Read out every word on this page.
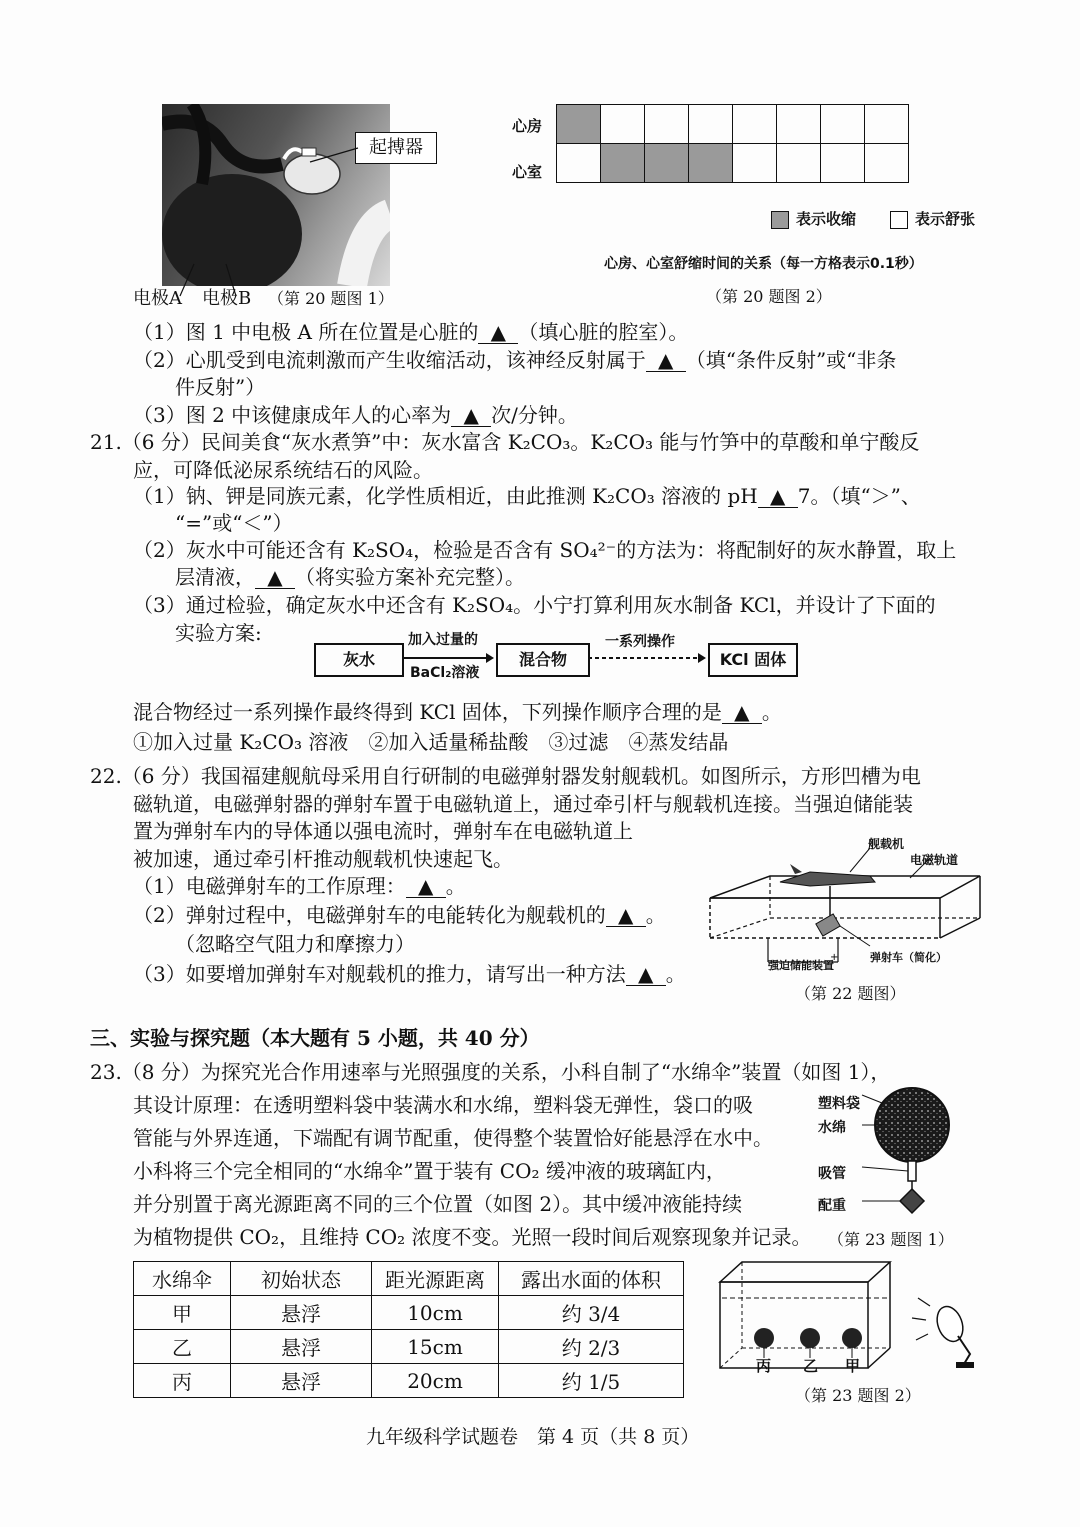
起搏器
电极A 电极B （第 20 题图 1）
心房
心室

表示收缩	表示舒张
心房、心室舒缩时间的关系（每一方格表示0.1秒）
（第 20 题图 2）
（1）图 1 中电极 A 所在位置是心脏的 ▲ （填心脏的腔室）。
（2）心肌受到电流刺激而产生收缩活动，该神经反射属于 ▲ （填“条件反射”或“非条
件反射”）
（3）图 2 中该健康成年人的心率为 ▲ 次/分钟。
21.（6 分）民间美食“灰水煮笋”中：灰水富含 K₂CO₃。K₂CO₃ 能与竹笋中的草酸和单宁酸反
应，可降低泌尿系统结石的风险。
（1）钠、钾是同族元素，化学性质相近，由此推测 K₂CO₃ 溶液的 pH ▲ 7。（填“＞”、
“=”或“＜”）
（2）灰水中可能还含有 K₂SO₄，检验是否含有 SO₄²⁻的方法为：将配制好的灰水静置，取上
层清液， ▲ （将实验方案补充完整）。
（3）通过检验，确定灰水中还含有 K₂SO₄。小宁打算利用灰水制备 KCl，并设计了下面的
实验方案:
灰水
加入过量的
BaCl₂溶液
混合物
一系列操作
KCl 固体
混合物经过一系列操作最终得到 KCl 固体，下列操作顺序合理的是 ▲ 。
①加入过量 K₂CO₃ 溶液　②加入适量稀盐酸　③过滤　④蒸发结晶
22.（6 分）我国福建舰航母采用自行研制的电磁弹射器发射舰载机。如图所示，方形凹槽为电
磁轨道，电磁弹射器的弹射车置于电磁轨道上，通过牵引杆与舰载机连接。当强迫储能装
置为弹射车内的导体通以强电流时，弹射车在电磁轨道上
被加速，通过牵引杆推动舰载机快速起飞。
（1）电磁弹射车的工作原理： ▲ 。
（2）弹射过程中，电磁弹射车的电能转化为舰载机的 ▲ 。
（忽略空气阻力和摩擦力）
（3）如要增加弹射车对舰载机的推力，请写出一种方法 ▲ 。
+
舰载机
电磁轨道
强迫储能装置
弹射车（简化）
（第 22 题图）
三、实验与探究题（本大题有 5 小题，共 40 分）
23.（8 分）为探究光合作用速率与光照强度的关系，小科自制了“水绵伞”装置（如图 1），
其设计原理：在透明塑料袋中装满水和水绵，塑料袋无弹性，袋口的吸
管能与外界连通，下端配有调节配重，使得整个装置恰好能悬浮在水中。
小科将三个完全相同的“水绵伞”置于装有 CO₂ 缓冲液的玻璃缸内，
并分别置于离光源距离不同的三个位置（如图 2）。其中缓冲液能持续
为植物提供 CO₂，且维持 CO₂ 浓度不变。光照一段时间后观察现象并记录。
塑料袋
水绵
吸管
配重
（第 23 题图 1）
水绵伞	初始状态	距光源距离	露出水面的体积
甲	悬浮	10cm	约 3/4
乙	悬浮	15cm	约 2/3
丙	悬浮	20cm	约 1/5
丙 乙 甲
（第 23 题图 2）
九年级科学试题卷　第 4 页（共 8 页）
